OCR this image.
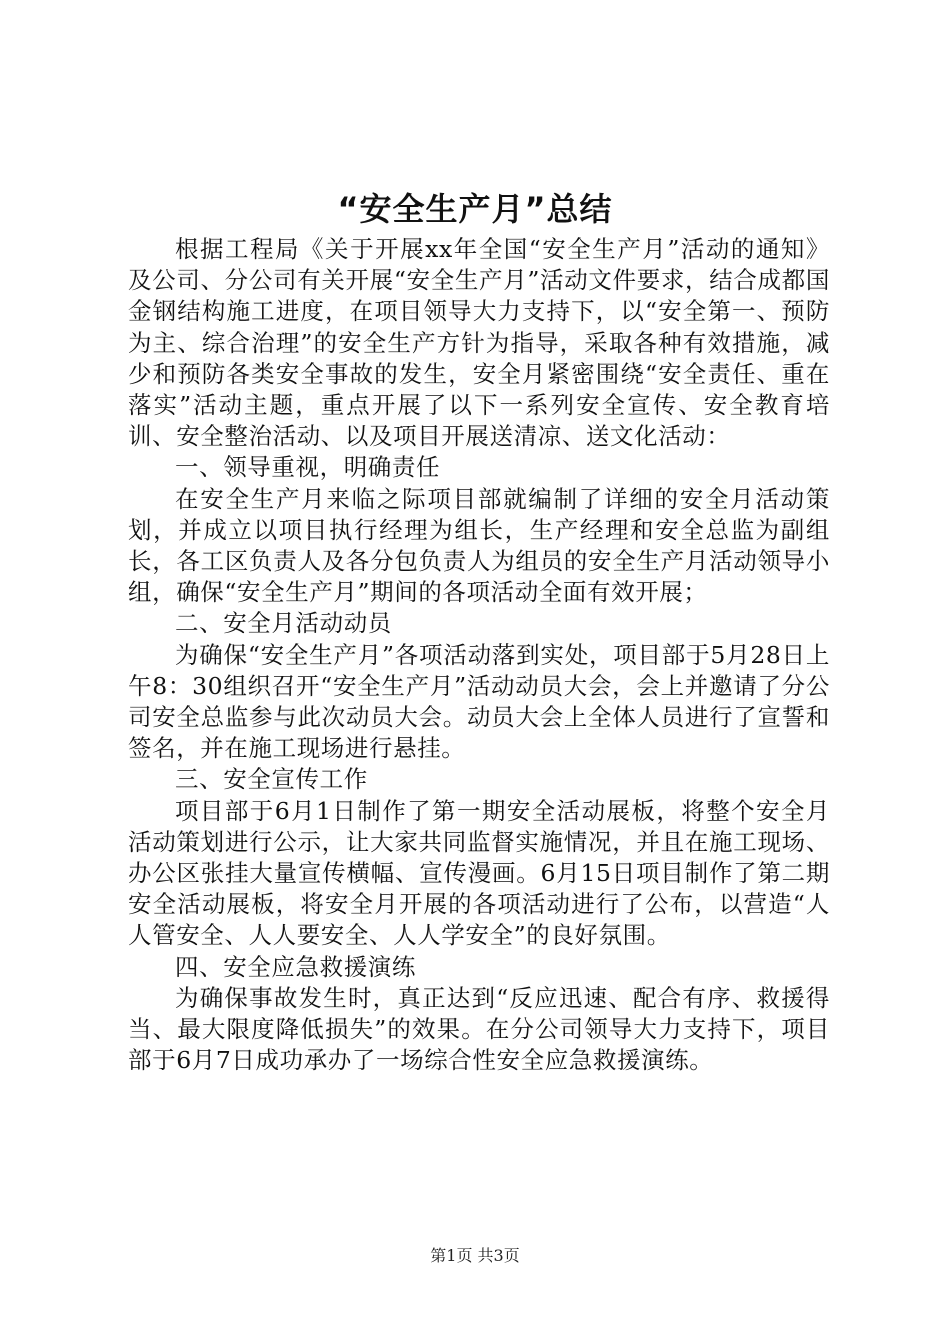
“安全生产月”总结

根据工程局《关于开展xx年全国“安全生产月”活动的通知》及公司、分公司有关开展“安全生产月”活动文件要求，结合成都国金钢结构施工进度，在项目领导大力支持下，以“安全第一、预防为主、综合治理”的安全生产方针为指导，采取各种有效措施，减少和预防各类安全事故的发生，安全月紧密围绕“安全责任、重在落实”活动主题，重点开展了以下一系列安全宣传、安全教育培训、安全整治活动、以及项目开展送清凉、送文化活动：

一、领导重视，明确责任

在安全生产月来临之际项目部就编制了详细的安全月活动策划，并成立以项目执行经理为组长，生产经理和安全总监为副组长，各工区负责人及各分包负责人为组员的安全生产月活动领导小组，确保“安全生产月”期间的各项活动全面有效开展；

二、安全月活动动员

为确保“安全生产月”各项活动落到实处，项目部于5月28日上午8：30组织召开“安全生产月”活动动员大会，会上并邀请了分公司安全总监参与此次动员大会。动员大会上全体人员进行了宣誓和签名，并在施工现场进行悬挂。

三、安全宣传工作

项目部于6月1日制作了第一期安全活动展板，将整个安全月活动策划进行公示，让大家共同监督实施情况，并且在施工现场、办公区张挂大量宣传横幅、宣传漫画。6月15日项目制作了第二期安全活动展板，将安全月开展的各项活动进行了公布，以营造“人人管安全、人人要安全、人人学安全”的良好氛围。

四、安全应急救援演练

为确保事故发生时，真正达到“反应迅速、配合有序、救援得当、最大限度降低损失”的效果。在分公司领导大力支持下，项目部于6月7日成功承办了一场综合性安全应急救援演练。

第1页 共3页
